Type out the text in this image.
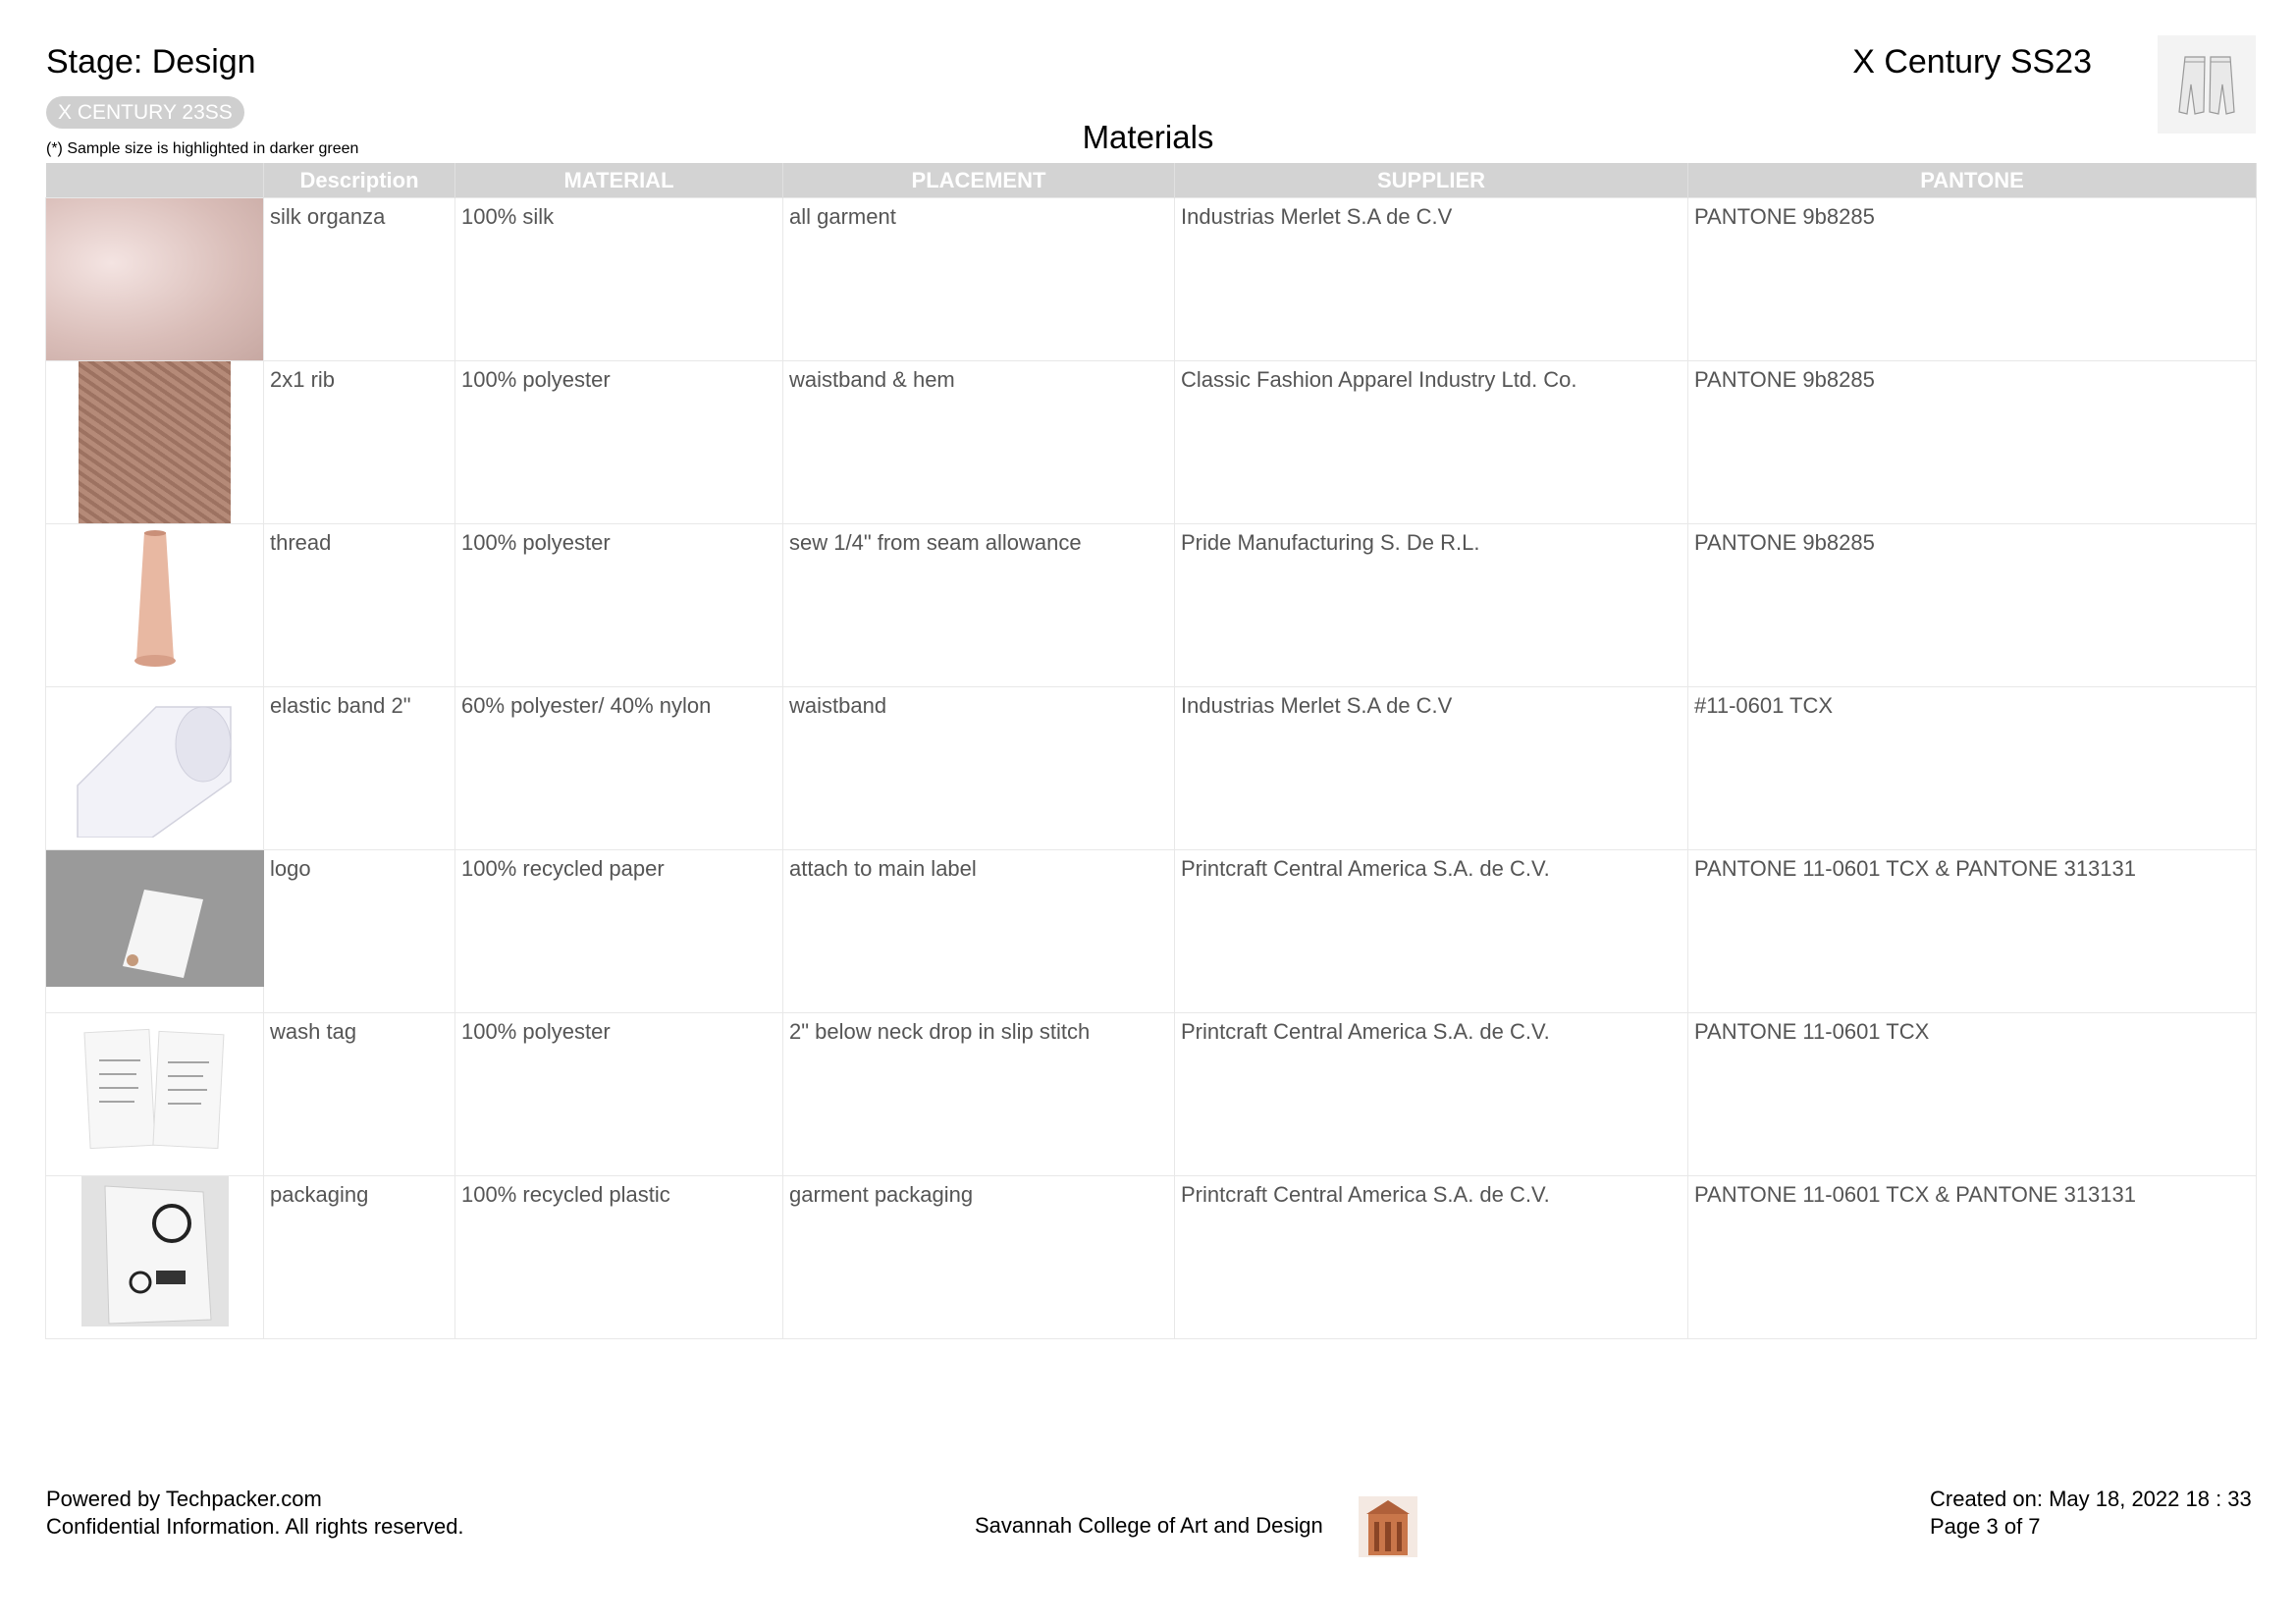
Stage: Design	X Century SS23
X CENTURY 23SS
(*) Sample size is highlighted in darker green	Materials
	Description	MATERIAL	PLACEMENT	SUPPLIER	PANTONE

	silk organza	100% silk	all garment	Industrias Merlet S.A de C.V	PANTONE 9b8285

	2x1 rib	100% polyester	waistband & hem	Classic Fashion Apparel Industry Ltd. Co.	PANTONE 9b8285

	thread	100% polyester	sew 1/4" from seam allowance	Pride Manufacturing S. De R.L.	PANTONE 9b8285

	elastic band 2"	60% polyester/ 40% nylon	waistband	Industrias Merlet S.A de C.V	#11-0601 TCX

	logo	100% recycled paper	attach to main label	Printcraft Central America S.A. de C.V.	PANTONE 11-0601 TCX & PANTONE 313131

	wash tag	100% polyester	2" below neck drop in slip stitch	Printcraft Central America S.A. de C.V.	PANTONE 11-0601 TCX

	packaging	100% recycled plastic	garment packaging	Printcraft Central America S.A. de C.V.	PANTONE 11-0601 TCX & PANTONE 313131
Powered by Techpacker.com
Confidential Information. All rights reserved.	Savannah College of Art and Design
Created on: May 18, 2022 18 : 33
Page 3 of 7
